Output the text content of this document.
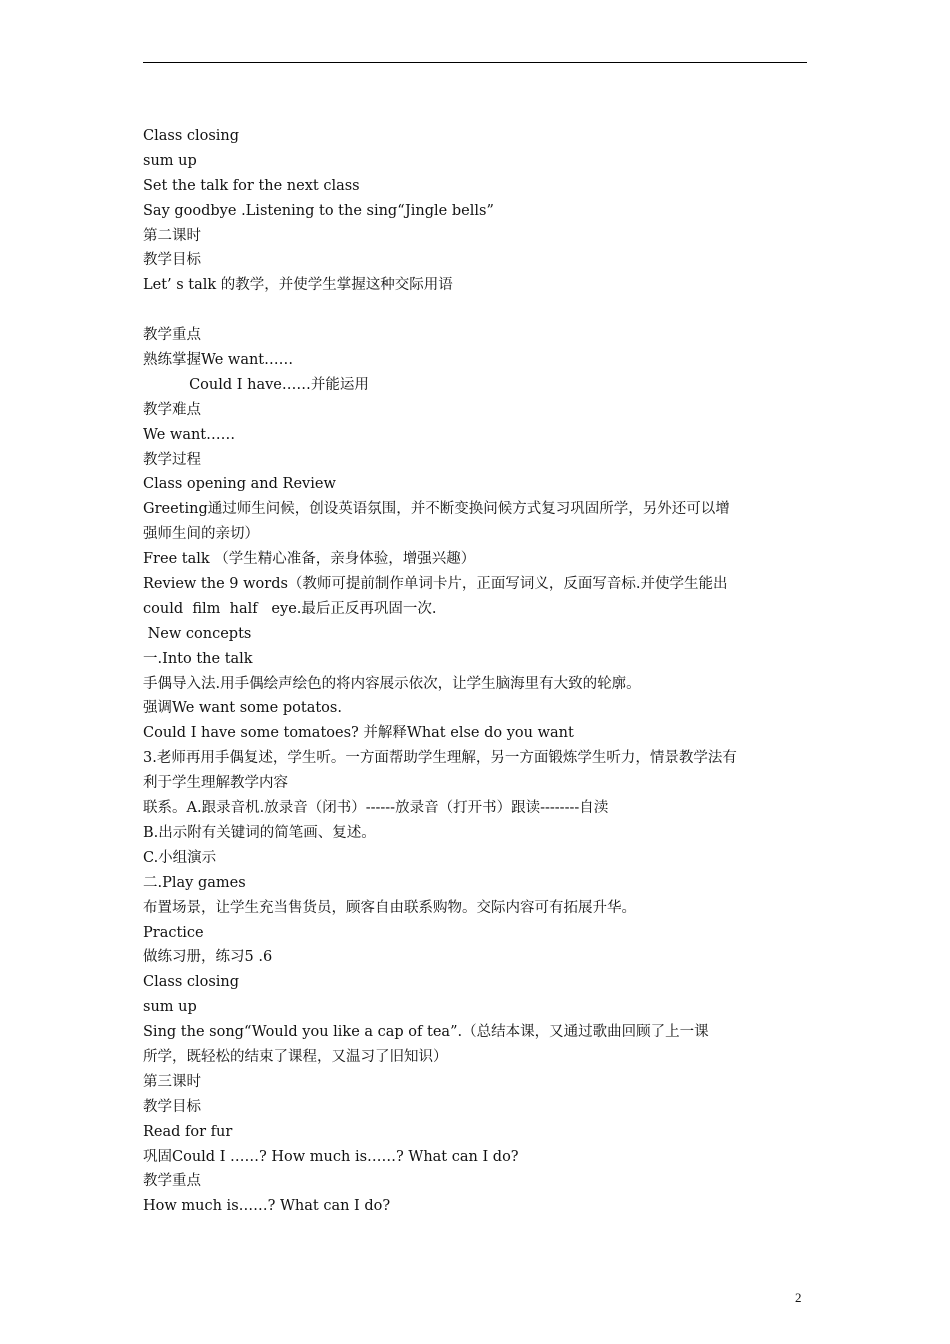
Class closing
sum up
Set the talk for the next class
Say goodbye .Listening to the sing“Jingle bells”
第二课时
教学目标
Let’ s talk 的教学，并使学生掌握这种交际用语
教学重点
熟练掌握We want……
Could I have……并能运用
教学难点
We want……
教学过程
Class opening and Review
Greeting通过师生问候，创设英语氛围，并不断变换问候方式复习巩固所学，另外还可以增
强师生间的亲切）
Free talk （学生精心准备，亲身体验，增强兴趣）
Review the 9 words（教师可提前制作单词卡片，正面写词义，反面写音标.并使学生能出
could  film  half   eye.最后正反再巩固一次.
New concepts
一.Into the talk
手偶导入法.用手偶绘声绘色的将内容展示依次，让学生脑海里有大致的轮廓。
强调We want some potatos.
Could I have some tomatoes? 并解释What else do you want
3.老师再用手偶复述，学生听。一方面帮助学生理解，另一方面锻炼学生听力，情景教学法有
利于学生理解教学内容
联系。A.跟录音机.放录音（闭书）------放录音（打开书）跟读--------自渎
B.出示附有关键词的简笔画、复述。
C.小组演示
二.Play games
布置场景，让学生充当售货员，顾客自由联系购物。交际内容可有拓展升华。
Practice
做练习册，练习5 .6
Class closing
sum up
Sing the song“Would you like a cap of tea”.（总结本课，又通过歌曲回顾了上一课
所学，既轻松的结束了课程，又温习了旧知识）
第三课时
教学目标
Read for fur
巩固Could I ……? How much is……? What can I do?
教学重点
How much is……? What can I do?
2
